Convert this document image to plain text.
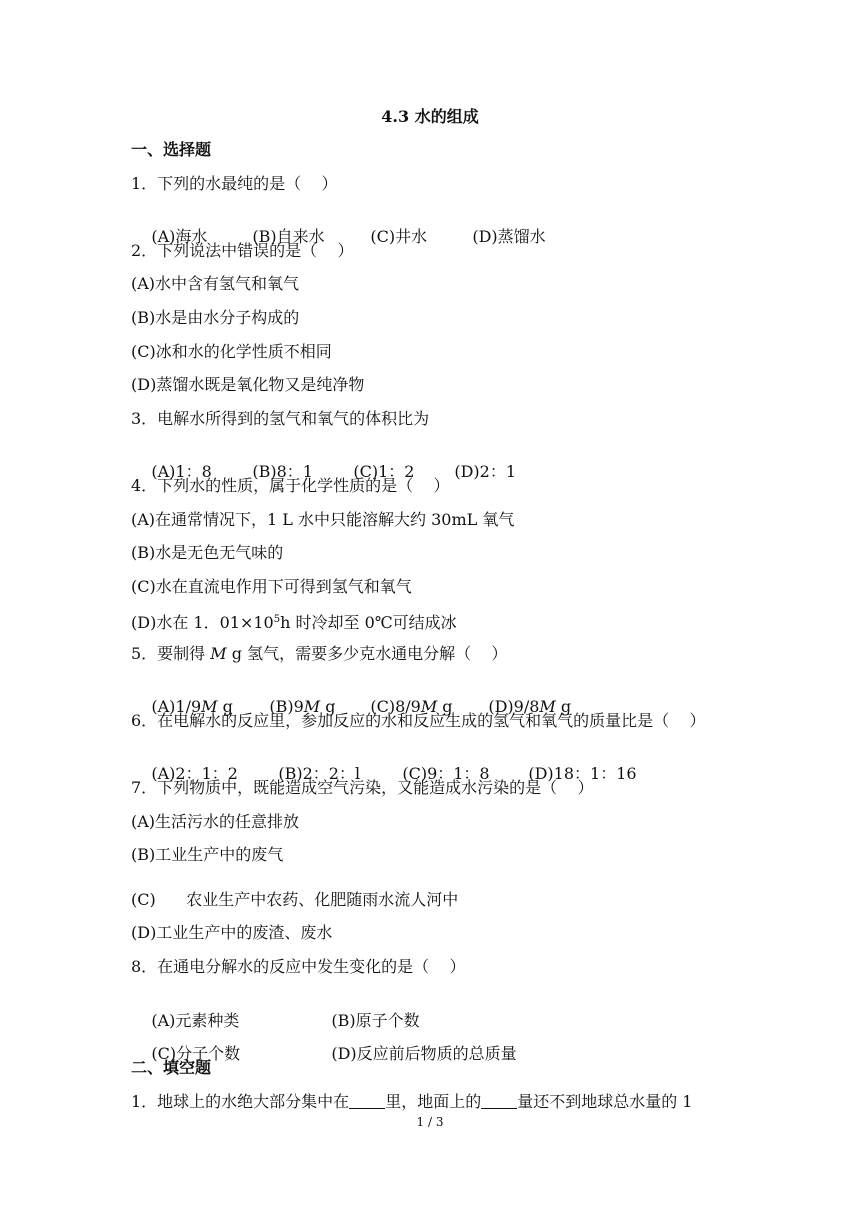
4.3 水的组成
一、选择题
1．下列的水最纯的是（    ）

(A)海水	(B)自来水	(C)井水	(D)蒸馏水

2．下列说法中错误的是（    ）
(A)水中含有氢气和氧气
(B)水是由水分子构成的
(C)冰和水的化学性质不相同
(D)蒸馏水既是氧化物又是纯净物
3．电解水所得到的氢气和氧气的体积比为

(A)1：8	(B)8：1	(C)1：2 (D)2：1

4．下列水的性质，属于化学性质的是（    ）
(A)在通常情况下，1 L 水中只能溶解大约 30mL 氧气
(B)水是无色无气味的
(C)水在直流电作用下可得到氢气和氧气
(D)水在 1．$01\times 10^5h$ 时冷却至 0℃可结成冰
5．要制得 M g 氢气，需要多少克水通电分解（    ）

(A)1/9M g (B)9M g (C)8/9M g (D)9/8M g

6．在电解水的反应里，参加反应的水和反应生成的氢气和氧气的质量比是（    ）

(A)2：1：2	(B)2：2：l	(C)9：1：8 (D)18：1：16

7．下列物质中，既能造成空气污染，又能造成水污染的是（    ）
(A)生活污水的任意排放
(B)工业生产中的废气
(C)      农业生产中农药、化肥随雨水流人河中
(D)工业生产中的废渣、废水
8．在通电分解水的反应中发生变化的是（    ）

(A)元素种类	(B)原子个数

(C)分子个数	(D)反应前后物质的总质量

二、填空题
1．地球上的水绝大部分集中在 里，地面上的 量还不到地球总水量的 1
1 / 3
